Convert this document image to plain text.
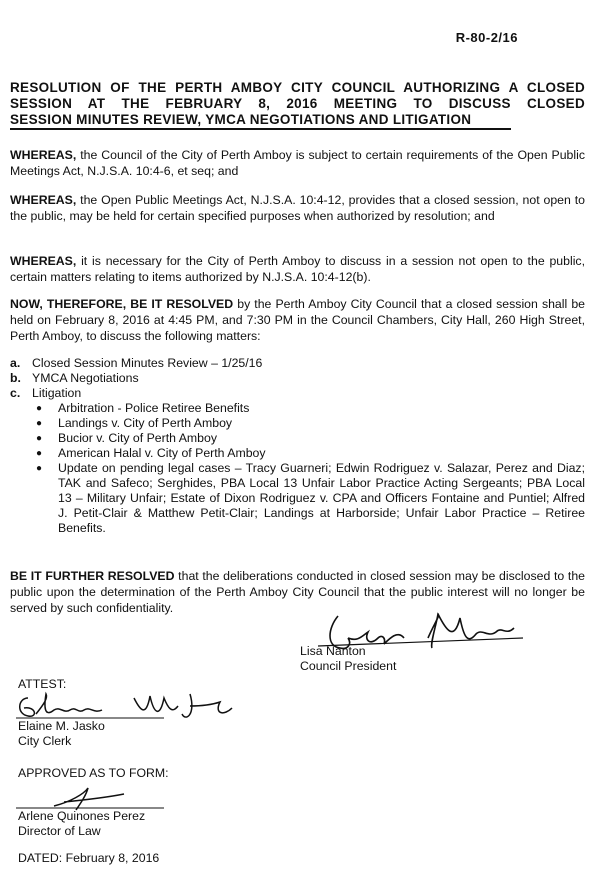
R-80-2/16
RESOLUTION OF THE PERTH AMBOY CITY COUNCIL AUTHORIZING A CLOSED SESSION AT THE FEBRUARY 8, 2016 MEETING TO DISCUSS CLOSED SESSION MINUTES REVIEW, YMCA NEGOTIATIONS AND LITIGATION
WHEREAS, the Council of the City of Perth Amboy is subject to certain requirements of the Open Public Meetings Act, N.J.S.A. 10:4-6, et seq; and
WHEREAS, the Open Public Meetings Act, N.J.S.A. 10:4-12, provides that a closed session, not open to the public, may be held for certain specified purposes when authorized by resolution; and
WHEREAS, it is necessary for the City of Perth Amboy to discuss in a session not open to the public, certain matters relating to items authorized by N.J.S.A. 10:4-12(b).
NOW, THEREFORE, BE IT RESOLVED by the Perth Amboy City Council that a closed session shall be held on February 8, 2016 at 4:45 PM, and 7:30 PM in the Council Chambers, City Hall, 260 High Street, Perth Amboy, to discuss the following matters:
a. Closed Session Minutes Review – 1/25/16
b. YMCA Negotiations
c. Litigation
●	Arbitration - Police Retiree Benefits
●	Landings v. City of Perth Amboy
●	Bucior v. City of Perth Amboy
●	American Halal v. City of Perth Amboy
●	Update on pending legal cases – Tracy Guarneri; Edwin Rodriguez v. Salazar, Perez and Diaz; TAK and Safeco; Serghides, PBA Local 13 Unfair Labor Practice Acting Sergeants; PBA Local 13 – Military Unfair; Estate of Dixon Rodriguez v. CPA and Officers Fontaine and Puntiel; Alfred J. Petit-Clair & Matthew Petit-Clair; Landings at Harborside; Unfair Labor Practice – Retiree Benefits.
BE IT FURTHER RESOLVED that the deliberations conducted in closed session may be disclosed to the public upon the determination of the Perth Amboy City Council that the public interest will no longer be served by such confidentiality.
Lisa Nanton
Council President
ATTEST:
Elaine M. Jasko
City Clerk
APPROVED AS TO FORM:
Arlene Quinones Perez
Director of Law
DATED: February 8, 2016
